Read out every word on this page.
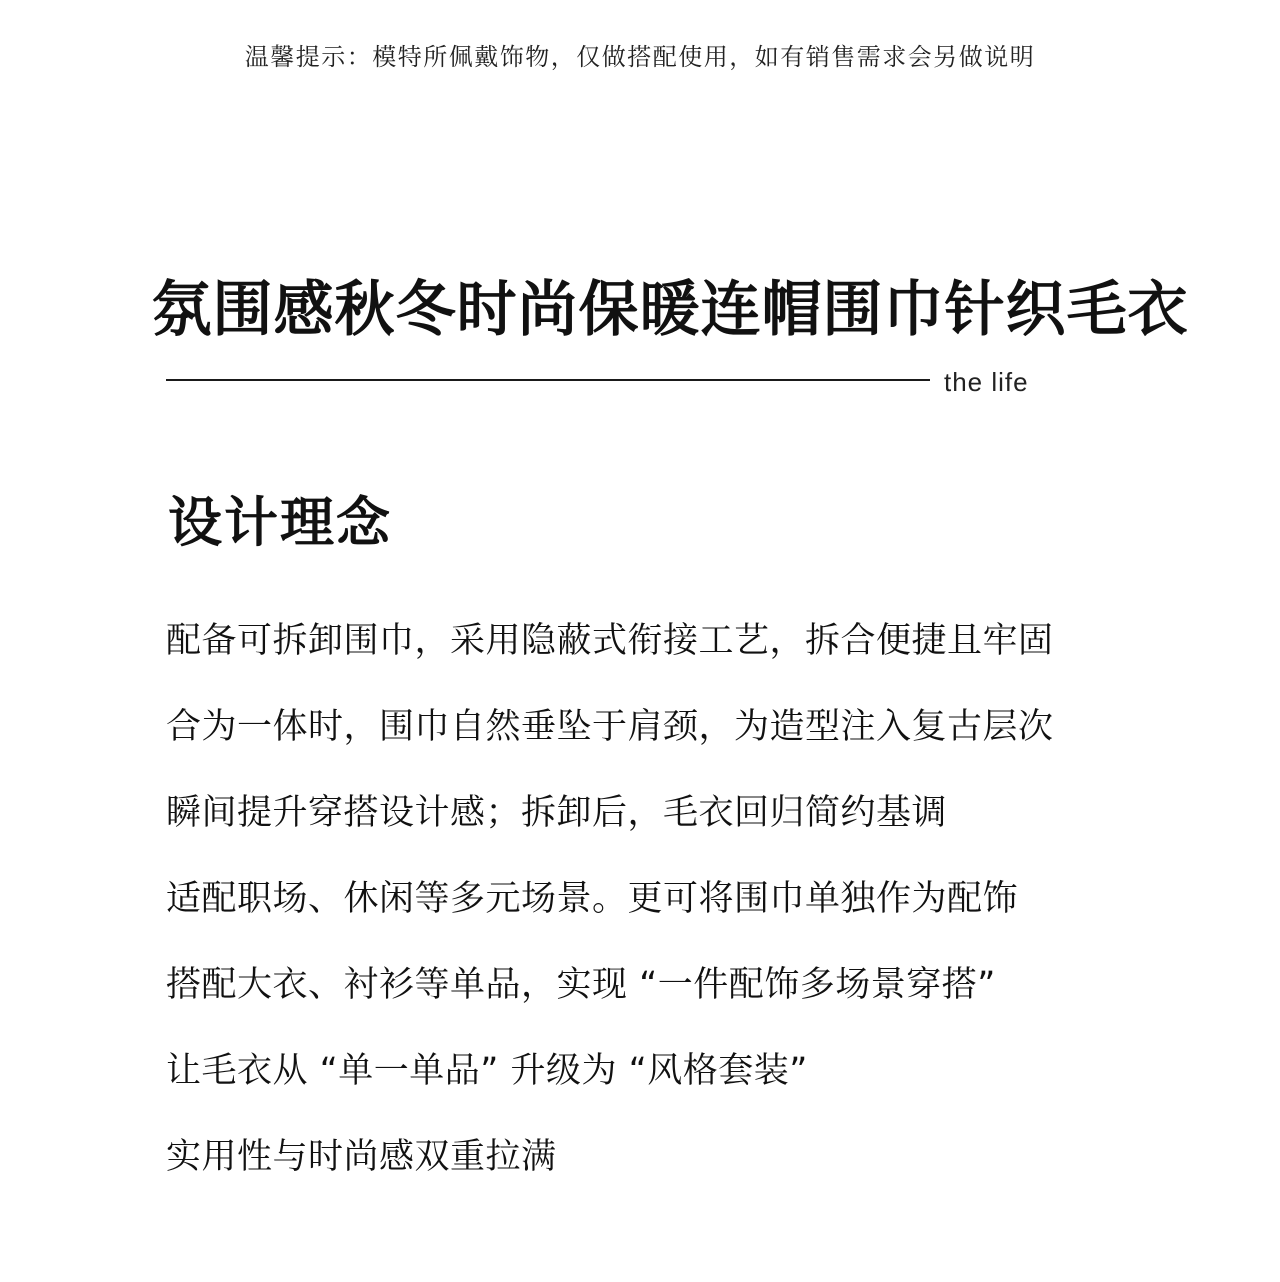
温馨提示：模特所佩戴饰物，仅做搭配使用，如有销售需求会另做说明
氛围感秋冬时尚保暖连帽围巾针织毛衣
the life
设计理念
配备可拆卸围巾，采用隐蔽式衔接工艺，拆合便捷且牢固
合为一体时，围巾自然垂坠于肩颈，为造型注入复古层次
瞬间提升穿搭设计感；拆卸后，毛衣回归简约基调
适配职场、休闲等多元场景。更可将围巾单独作为配饰
搭配大衣、衬衫等单品，实现 “一件配饰多场景穿搭”
让毛衣从 “单一单品” 升级为 “风格套装”
实用性与时尚感双重拉满
